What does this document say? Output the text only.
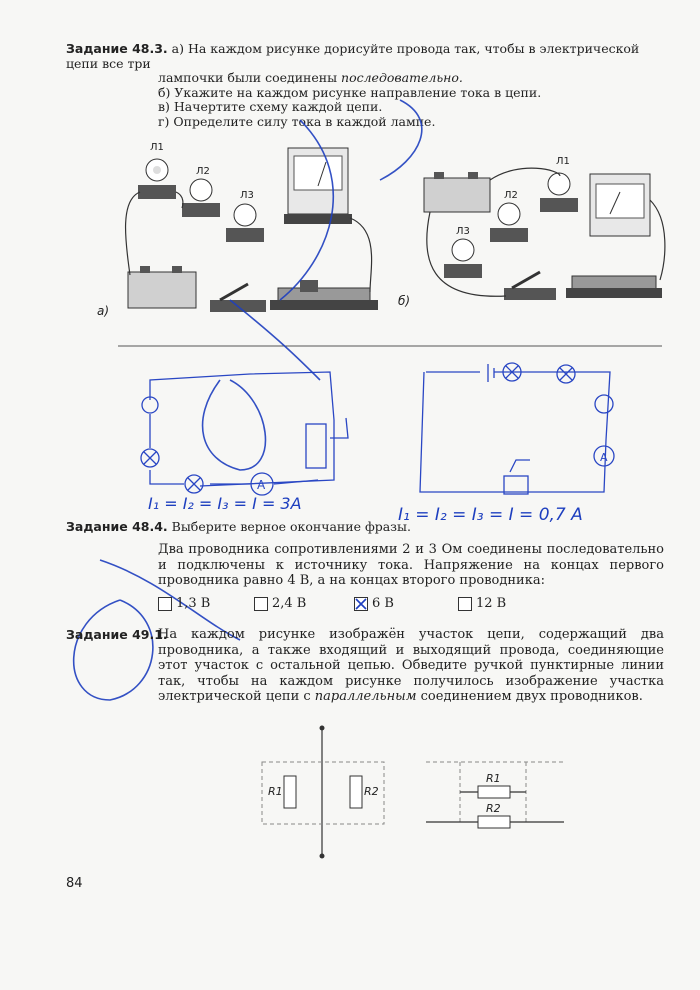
Задание 48.3. а) На каждом рисунке дорисуйте провода так, чтобы в электрической цепи все три
лампочки были соединены последовательно.
б) Укажите на каждом рисунке направление тока в цепи.
в) Начертите схему каждой цепи.
г) Определите силу тока в каждой лампе.
A
A
Л1
Л2
Л3
а)
Л1
Л2
Л3
б)
I₁ = I₂ = I₃ = I = 3A
I₁ = I₂ = I₃ = I = 0,7 A
Задание 48.4. Выберите верное окончание фразы.
Два проводника сопротивлениями 2 и 3 Ом соединены последовательно и подключены к источнику тока. Напряжение на концах первого проводника равно 4 В, а на концах второго проводника:
1,3 В	2,4 В	6 В	12 В
Задание 49.1.
На каждом рисунке изображён участок цепи, содержащий два проводника, а также входящий и выходящий провода, соединяющие этот участок с остальной цепью. Обведите ручкой пунктирные линии так, чтобы на каждом рисунке получилось изображение участка электрической цепи с параллельным соединением двух проводников.
R1	R2
R1
R2
84
